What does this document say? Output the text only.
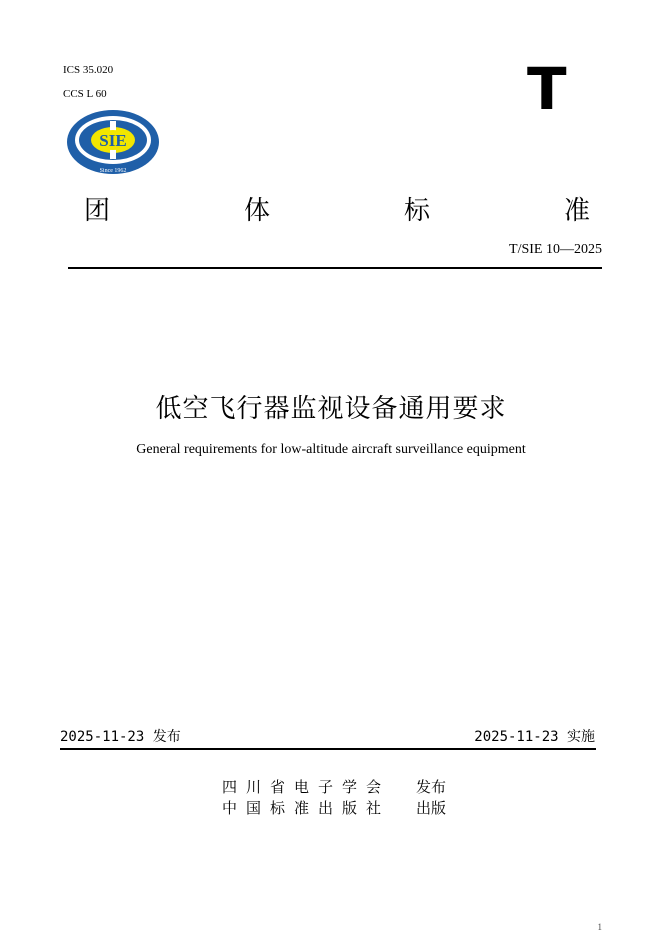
ICS 35.020
CCS L 60	T
SIE
Since 1962
团	体	标	准
T/SIE 10—2025
低空飞行器监视设备通用要求
General requirements for low-altitude aircraft surveillance equipment
2025-11-23 发布	2025-11-23 实施
四川省电子学会 发布
中国标准出版社 出版
1
